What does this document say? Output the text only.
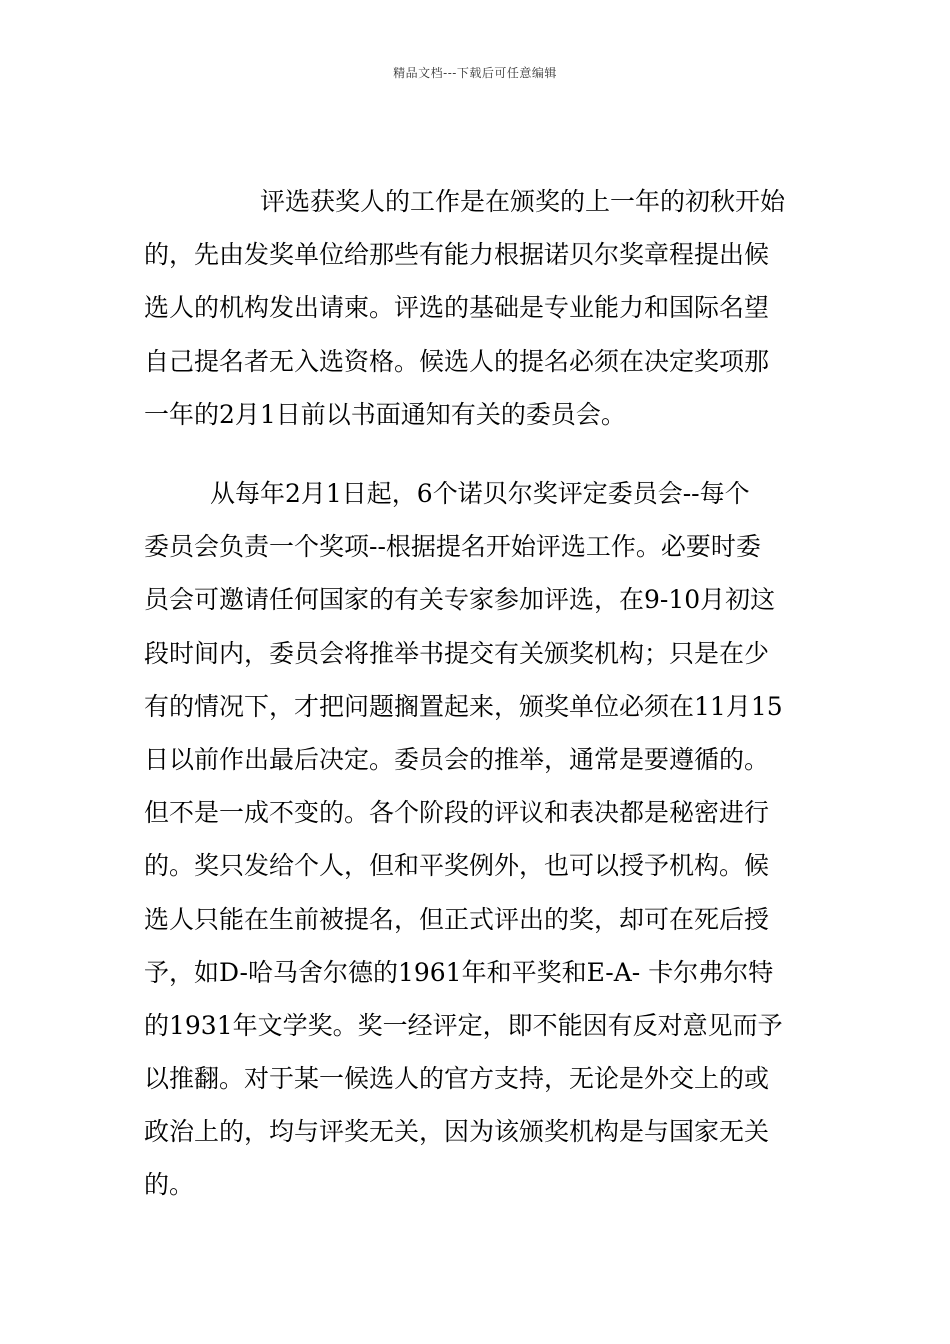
精品文档---下载后可任意编辑
评选获奖人的工作是在颁奖的上一年的初秋开始
的，先由发奖单位给那些有能力根据诺贝尔奖章程提出候
选人的机构发出请柬。评选的基础是专业能力和国际名望
自己提名者无入选资格。候选人的提名必须在决定奖项那
一年的2月1日前以书面通知有关的委员会。
从每年2月1日起，6个诺贝尔奖评定委员会--每个
委员会负责一个奖项--根据提名开始评选工作。必要时委
员会可邀请任何国家的有关专家参加评选，在9-10月初这
段时间内，委员会将推举书提交有关颁奖机构；只是在少
有的情况下，才把问题搁置起来，颁奖单位必须在11月15
日以前作出最后决定。委员会的推举，通常是要遵循的。
但不是一成不变的。各个阶段的评议和表决都是秘密进行
的。奖只发给个人，但和平奖例外，也可以授予机构。候
选人只能在生前被提名，但正式评出的奖，却可在死后授
予，如D-哈马舍尔德的1961年和平奖和E-A- 卡尔弗尔特
的1931年文学奖。奖一经评定，即不能因有反对意见而予
以推翻。对于某一候选人的官方支持，无论是外交上的或
政治上的，均与评奖无关，因为该颁奖机构是与国家无关
的。
